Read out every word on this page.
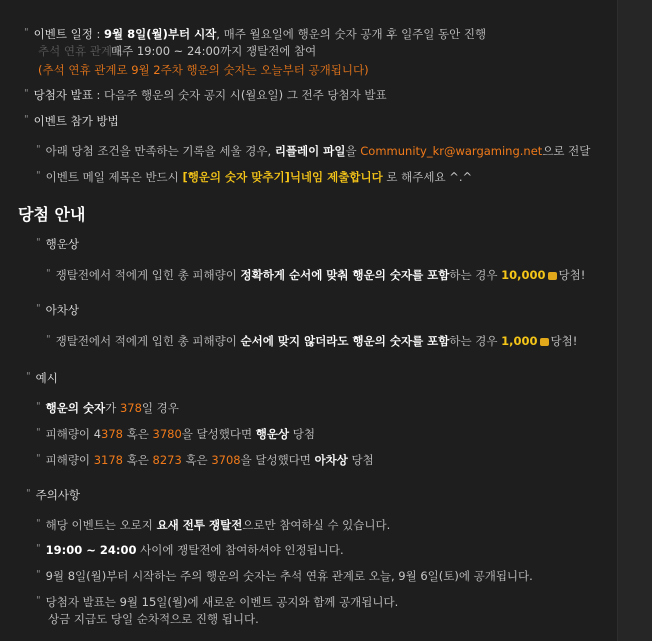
" 이벤트 일정 : 9월 8일(월)부터 시작, 매주 월요일에 행운의 숫자 공개 후 일주일 동안 진행
추석 연휴 관계로
매주 19:00 ~ 24:00까지 쟁탈전에 참여
(추석 연휴 관계로 9월 2주차 행운의 숫자는 오늘부터 공개됩니다)
" 당첨자 발표 : 다음주 행운의 숫자 공지 시(월요일) 그 전주 당첨자 발표
" 이벤트 참가 방법
" 아래 당첨 조건을 만족하는 기록을 세울 경우, 리플레이 파일을 Community_kr@wargaming.net으로 전달
" 이벤트 메일 제목은 반드시 [행운의 숫자 맞추기]닉네임 제출합니다 로 해주세요 ^.^
당첨 안내
" 행운상
" 쟁탈전에서 적에게 입힌 총 피해량이 정확하게 순서에 맞춰 행운의 숫자를 포함하는 경우 10,000 당첨!
" 아차상
" 쟁탈전에서 적에게 입힌 총 피해량이 순서에 맞지 않더라도 행운의 숫자를 포함하는 경우 1,000 당첨!
" 예시
" 행운의 숫자가 378일 경우
" 피해량이 4378 혹은 3780을 달성했다면 행운상 당첨
" 피해량이 3178 혹은 8273 혹은 3708을 달성했다면 아차상 당첨
" 주의사항
" 해당 이벤트는 오로지 요새 전투 쟁탈전으로만 참여하실 수 있습니다.
" 19:00 ~ 24:00 사이에 쟁탈전에 참여하셔야 인정됩니다.
" 9월 8일(월)부터 시작하는 주의 행운의 숫자는 추석 연휴 관계로 오늘, 9월 6일(토)에 공개됩니다.
" 당첨자 발표는 9월 15일(월)에 새로운 이벤트 공지와 함께 공개됩니다.
상금 지급도 당일 순차적으로 진행 됩니다.
